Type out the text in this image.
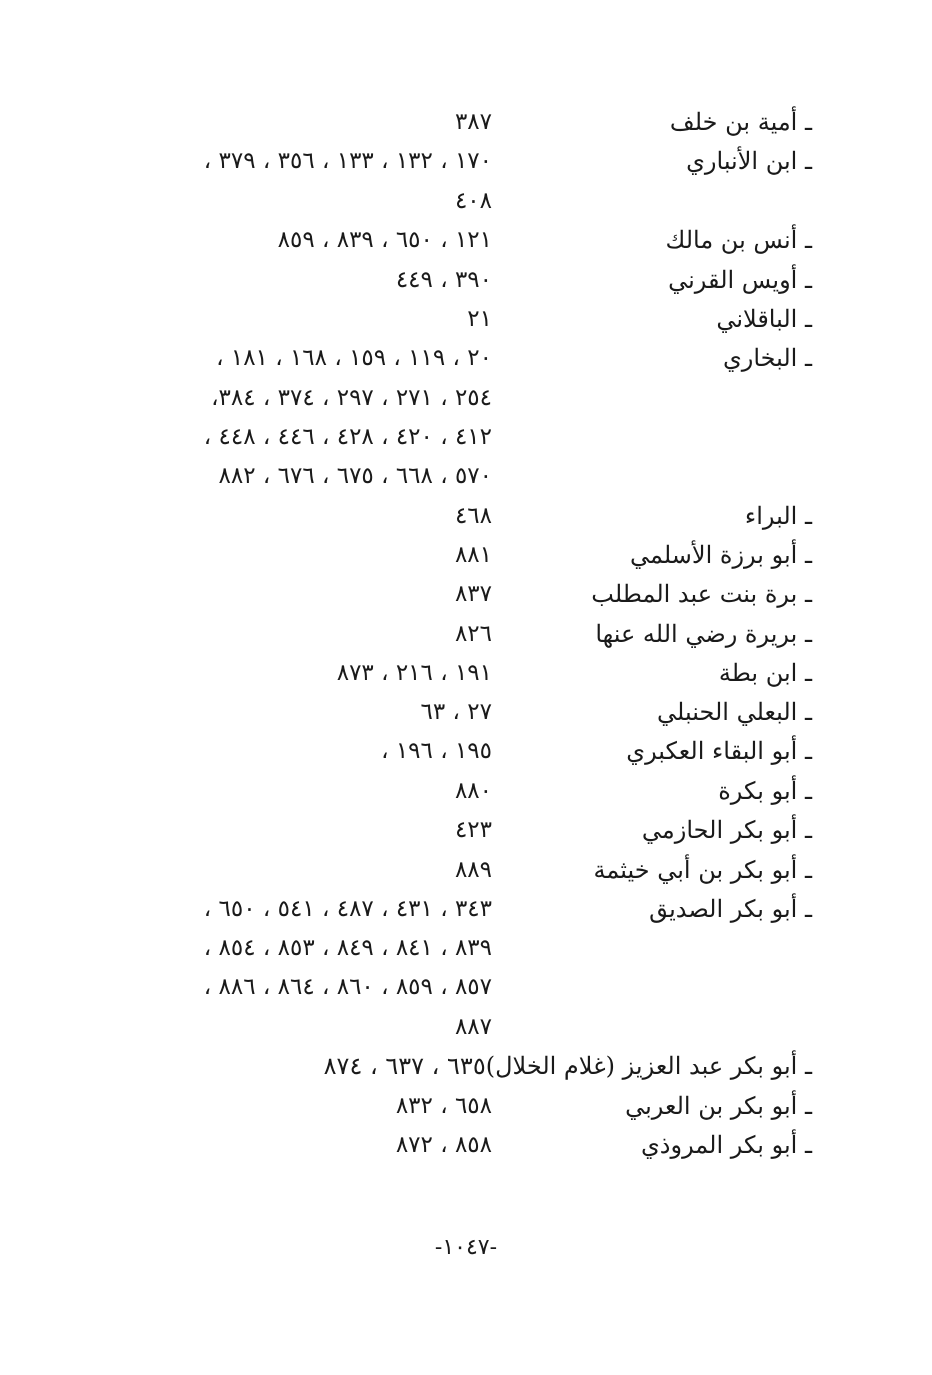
ـ أمية بن خلف
٣٨٧
ـ ابن الأنباري
١٧٠ ، ١٣٢ ، ١٣٣ ، ٣٥٦ ، ٣٧٩ ،
٤٠٨
ـ أنس بن مالك
١٢١ ، ٦٥٠ ، ٨٣٩ ، ٨٥٩
ـ أويس القرني
٣٩٠ ، ٤٤٩
ـ الباقلاني
٢١
ـ البخاري
٢٠ ، ١١٩ ، ١٥٩ ، ١٦٨ ، ١٨١ ،
٢٥٤ ، ٢٧١ ، ٢٩٧ ، ٣٧٤ ، ٣٨٤،
٤١٢ ، ٤٢٠ ، ٤٢٨ ، ٤٤٦ ، ٤٤٨ ،
٥٧٠ ، ٦٦٨ ، ٦٧٥ ، ٦٧٦ ، ٨٨٢
ـ البراء
٤٦٨
ـ أبو برزة الأسلمي
٨٨١
ـ برة بنت عبد المطلب
٨٣٧
ـ بريرة رضي الله عنها
٨٢٦
ـ ابن بطة
١٩١ ، ٢١٦ ، ٨٧٣
ـ البعلي الحنبلي
٢٧ ، ٦٣
ـ أبو البقاء العكبري
١٩٥ ، ١٩٦ ،
ـ أبو بكرة
٨٨٠
ـ أبو بكر الحازمي
٤٢٣
ـ أبو بكر بن أبي خيثمة
٨٨٩
ـ أبو بكر الصديق
٣٤٣ ، ٤٣١ ، ٤٨٧ ، ٥٤١ ، ٦٥٠ ،
٨٣٩ ، ٨٤١ ، ٨٤٩ ، ٨٥٣ ، ٨٥٤ ،
٨٥٧ ، ٨٥٩ ، ٨٦٠ ، ٨٦٤ ، ٨٨٦ ،
٨٨٧
ـ أبو بكر عبد العزيز (غلام الخلال)٦٣٥ ، ٦٣٧ ، ٨٧٤
ـ أبو بكر بن العربي
٦٥٨ ، ٨٣٢
ـ أبو بكر المروذي
٨٥٨ ، ٨٧٢
-١٠٤٧-
